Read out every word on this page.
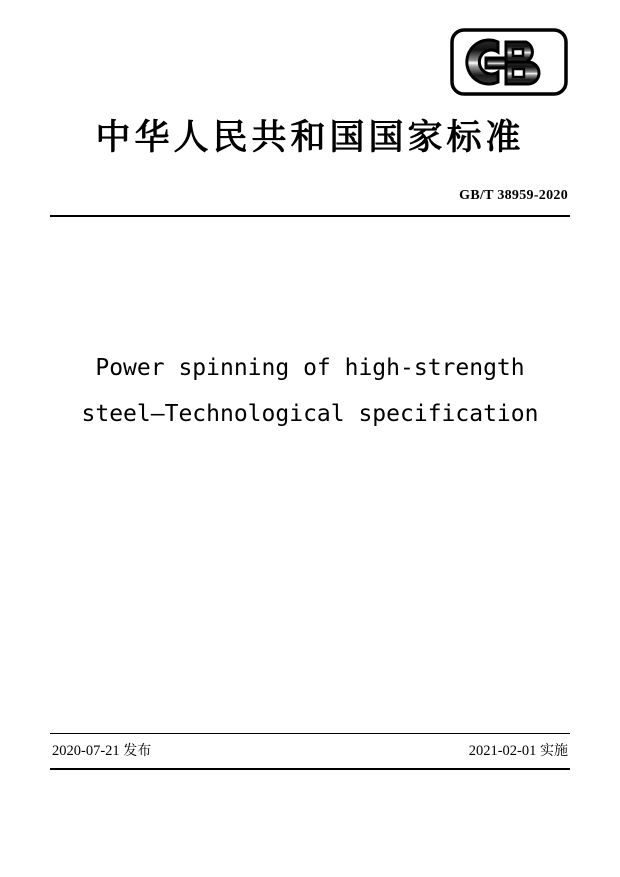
中华人民共和国国家标准
GB/T 38959-2020
Power spinning of high-strength
steel—Technological specification
2020-07-21 发布	2021-02-01 实施
